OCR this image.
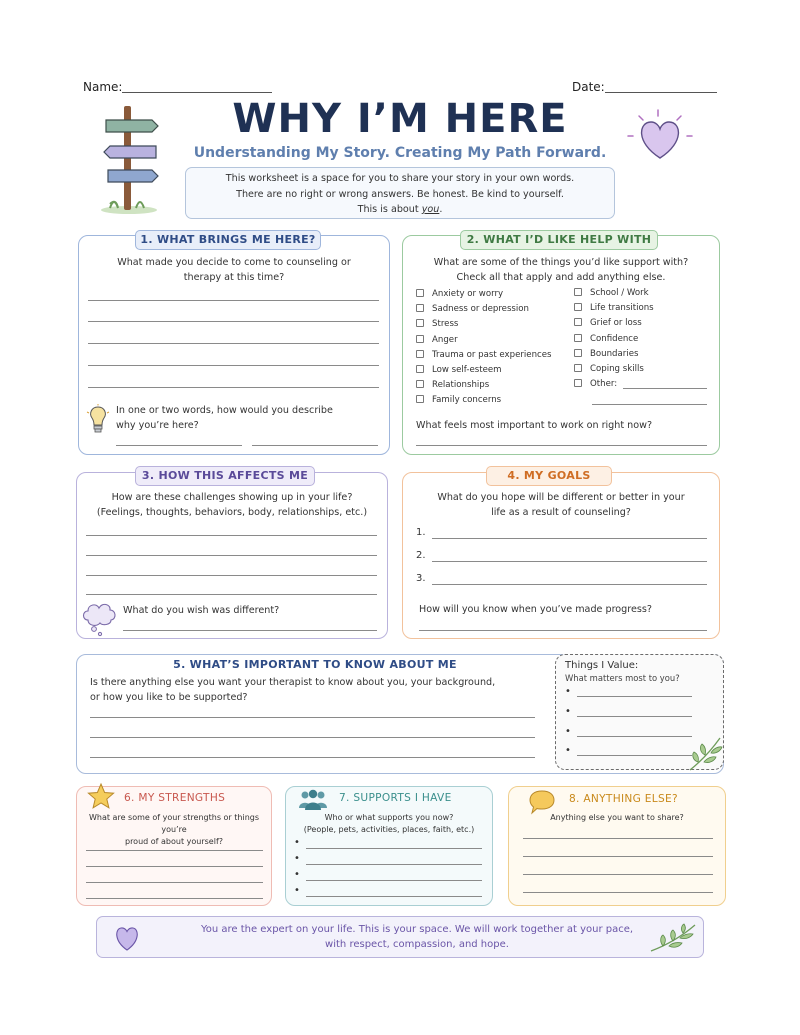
Name:	Date:
WHY I’M HERE
Understanding My Story. Creating My Path Forward.
This worksheet is a space for you to share your story in your own words.
There are no right or wrong answers. Be honest. Be kind to yourself.
This is about you.
1. WHAT BRINGS ME HERE?
What made you decide to come to counseling or
therapy at this time?
In one or two words, how would you describe
why you’re here?
2. WHAT I’D LIKE HELP WITH
What are some of the things you’d like support with?
Check all that apply and add anything else.
Anxiety or worry
Sadness or depression
Stress
Anger
Trauma or past experiences
Low self-esteem
Relationships
Family concerns
School / Work
Life transitions
Grief or loss
Confidence
Boundaries
Coping skills
Other:
What feels most important to work on right now?
3. HOW THIS AFFECTS ME
How are these challenges showing up in your life?
(Feelings, thoughts, behaviors, body, relationships, etc.)
What do you wish was different?
4. MY GOALS
What do you hope will be different or better in your
life as a result of counseling?
1.
2.
3.
How will you know when you’ve made progress?
5. WHAT’S IMPORTANT TO KNOW ABOUT ME
Is there anything else you want your therapist to know about you, your background,
or how you like to be supported?
Things I Value:
What matters most to you?
•
•
•
•
6. MY STRENGTHS
What are some of your strengths or things you’re
proud of about yourself?
7. SUPPORTS I HAVE
Who or what supports you now?
(People, pets, activities, places, faith, etc.)
•
•
•
•
8. ANYTHING ELSE?
Anything else you want to share?
You are the expert on your life. This is your space. We will work together at your pace,
with respect, compassion, and hope.
